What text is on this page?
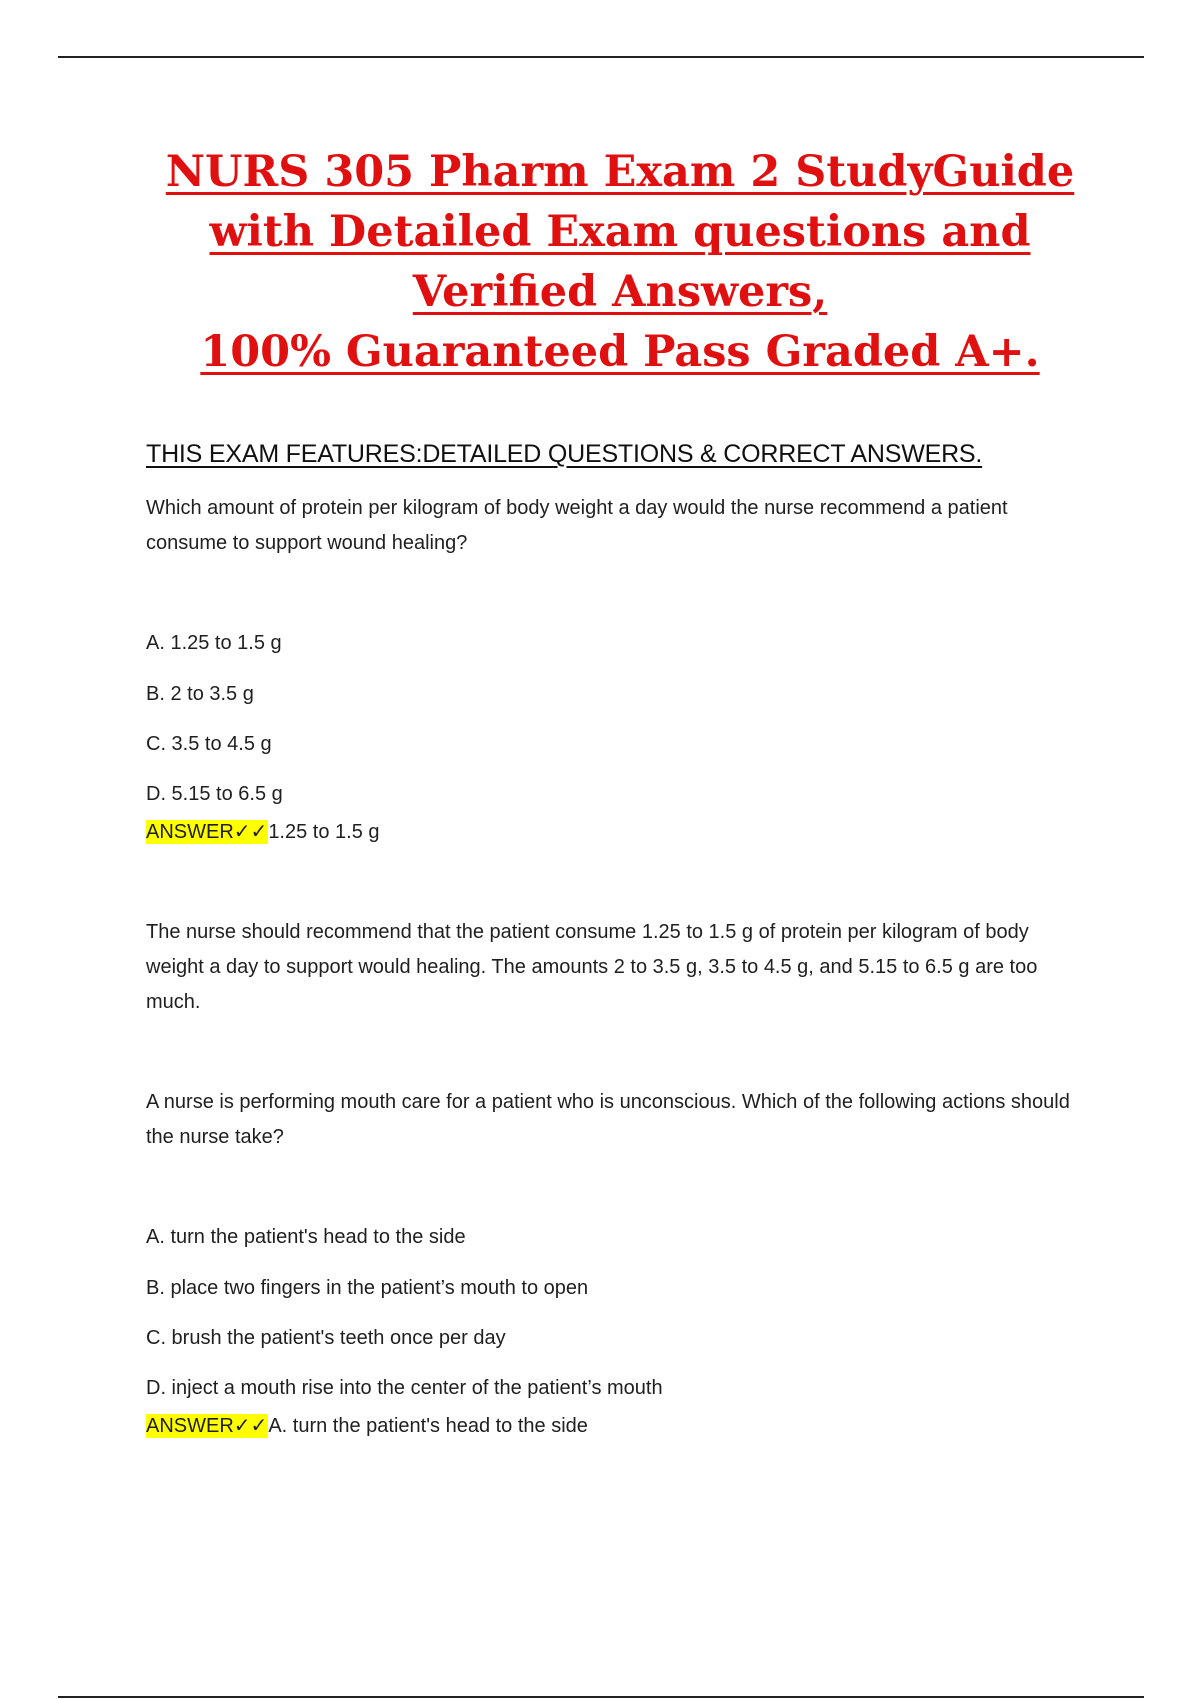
NURS 305 Pharm Exam 2 StudyGuide
with Detailed Exam questions and
Verified Answers,
100% Guaranteed Pass Graded A+.
THIS EXAM FEATURES:DETAILED QUESTIONS & CORRECT ANSWERS.
Which amount of protein per kilogram of body weight a day would the nurse recommend a patient consume to support wound healing?
A. 1.25 to 1.5 g
B. 2 to 3.5 g
C. 3.5 to 4.5 g
D. 5.15 to 6.5 g
ANSWER✓✓1.25 to 1.5 g
The nurse should recommend that the patient consume 1.25 to 1.5 g of protein per kilogram of body weight a day to support would healing. The amounts 2 to 3.5 g, 3.5 to 4.5 g, and 5.15 to 6.5 g are too much.
A nurse is performing mouth care for a patient who is unconscious. Which of the following actions should the nurse take?
A. turn the patient's head to the side
B. place two fingers in the patient’s mouth to open
C. brush the patient's teeth once per day
D. inject a mouth rise into the center of the patient’s mouth
ANSWER✓✓A. turn the patient's head to the side
